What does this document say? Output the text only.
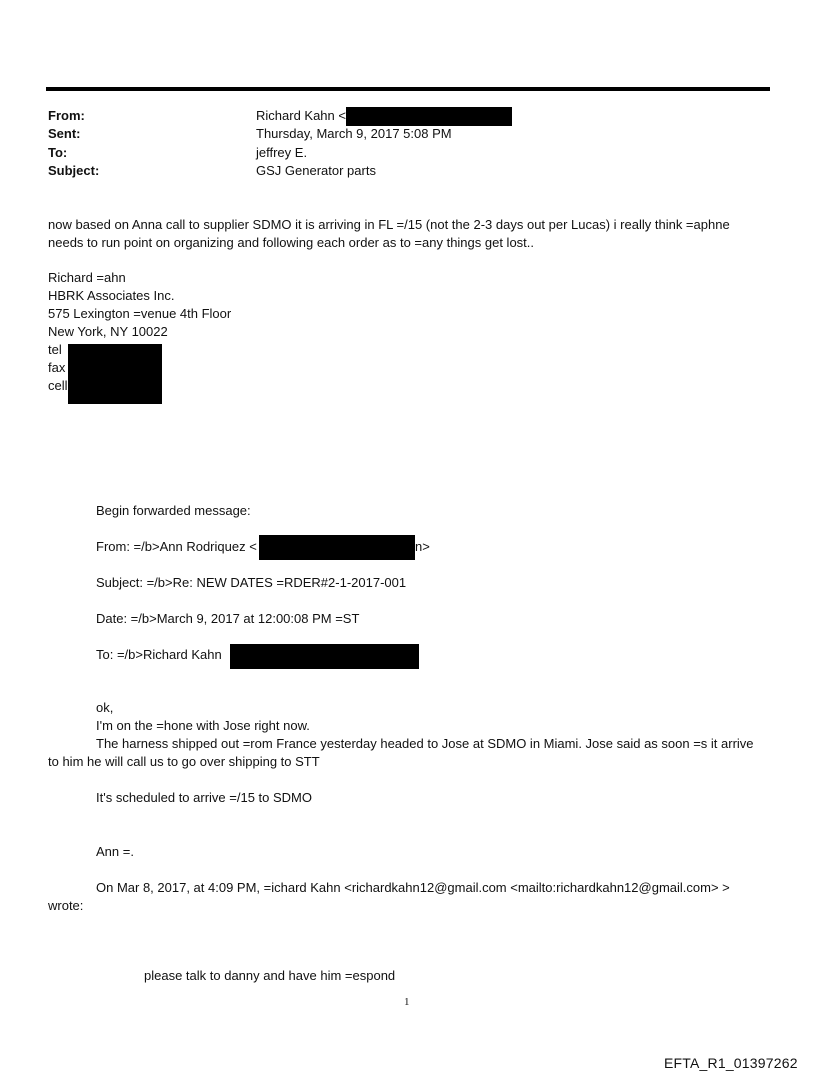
From:	Richard Kahn <
Sent:	Thursday, March 9, 2017 5:08 PM
To:	jeffrey E.
Subject:	GSJ Generator parts
now based on Anna call to supplier SDMO it is arriving in FL =/15 (not the 2-3 days out per Lucas) i really think =aphne
needs to run point on organizing and following each order as to =any things get lost..
Richard =ahn
HBRK Associates Inc.
575 Lexington =venue 4th Floor
New York, NY 10022
tel
fax
cell
Begin forwarded message:
From: =/b>Ann Rodriquez <	n>
Subject: =/b>Re: NEW DATES =RDER#2-1-2017-001
Date: =/b>March 9, 2017 at 12:00:08 PM =ST
To: =/b>Richard Kahn
ok,
I'm on the =hone with Jose right now.
The harness shipped out =rom France yesterday headed to Jose at SDMO in Miami. Jose said as soon =s it arrive
to him he will call us to go over shipping to STT
It's scheduled to arrive =/15 to SDMO
Ann =.
On Mar 8, 2017, at 4:09 PM, =ichard Kahn <richardkahn12@gmail.com <mailto:richardkahn12@gmail.com> >
wrote:
please talk to danny and have him =espond
1
EFTA_R1_01397262
